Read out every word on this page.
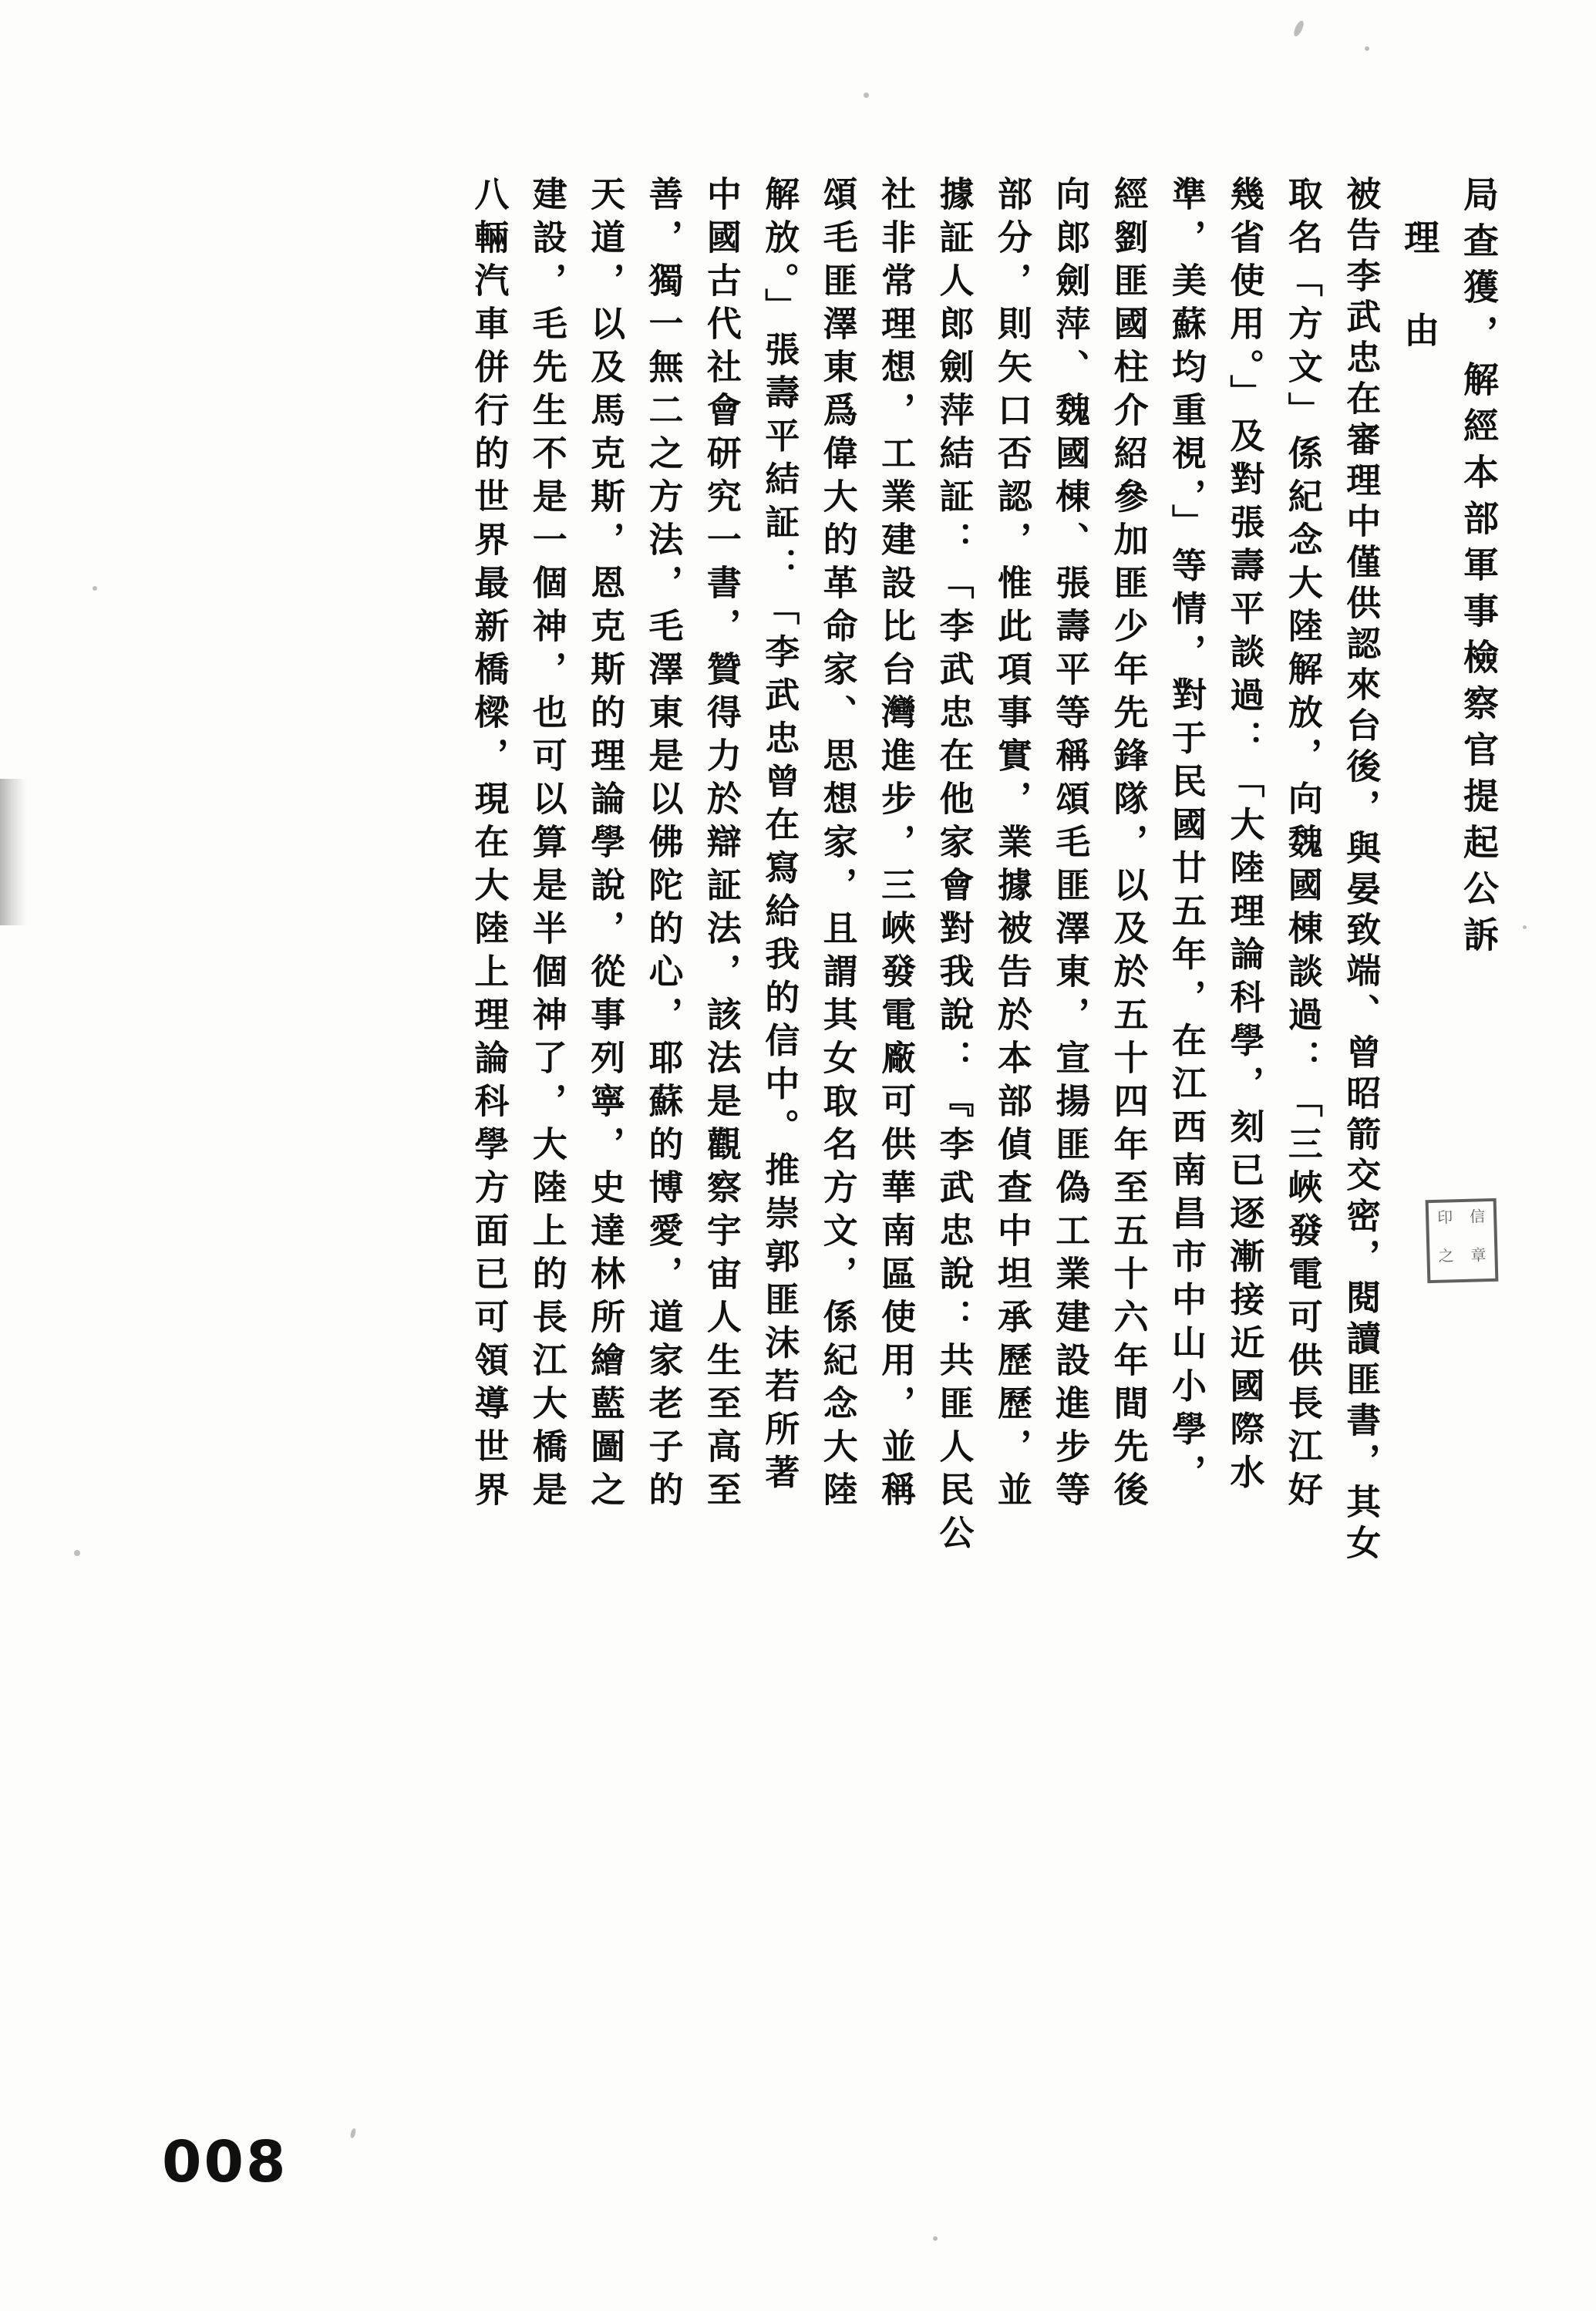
局查獲，解經本部軍事檢察官提起公訴
理　由
被告李武忠在審理中僅供認來台後，與晏致端、曾昭箭交密，閱讀匪書，其女
取名「方文」係紀念大陸解放，向魏國棟談過：「三峽發電可供長江好
幾省使用。」及對張壽平談過：「大陸理論科學，刻已逐漸接近國際水
準，美蘇均重視，」等情，對于民國廿五年，在江西南昌市中山小學，
經劉匪國柱介紹參加匪少年先鋒隊，以及於五十四年至五十六年間先後
向郎劍萍、魏國棟、張壽平等稱頌毛匪澤東，宣揚匪偽工業建設進步等
部分，則矢口否認，惟此項事實，業據被告於本部偵查中坦承歷歷，並
據証人郎劍萍結証：「李武忠在他家會對我說：『李武忠說：共匪人民公
社非常理想，工業建設比台灣進步，三峽發電廠可供華南區使用，並稱
頌毛匪澤東爲偉大的革命家、思想家，且謂其女取名方文，係紀念大陸
解放。」張壽平結証：「李武忠曾在寫給我的信中。推崇郭匪沫若所著
中國古代社會研究一書，贊得力於辯証法，該法是觀察宇宙人生至高至
善，獨一無二之方法，毛澤東是以佛陀的心，耶蘇的博愛，道家老子的
天道，以及馬克斯，恩克斯的理論學說，從事列寧，史達林所繪藍圖之
建設，毛先生不是一個神，也可以算是半個神了，大陸上的長江大橋是
八輛汽車併行的世界最新橋樑，現在大陸上理論科學方面已可領導世界	印	信
之	章
008
